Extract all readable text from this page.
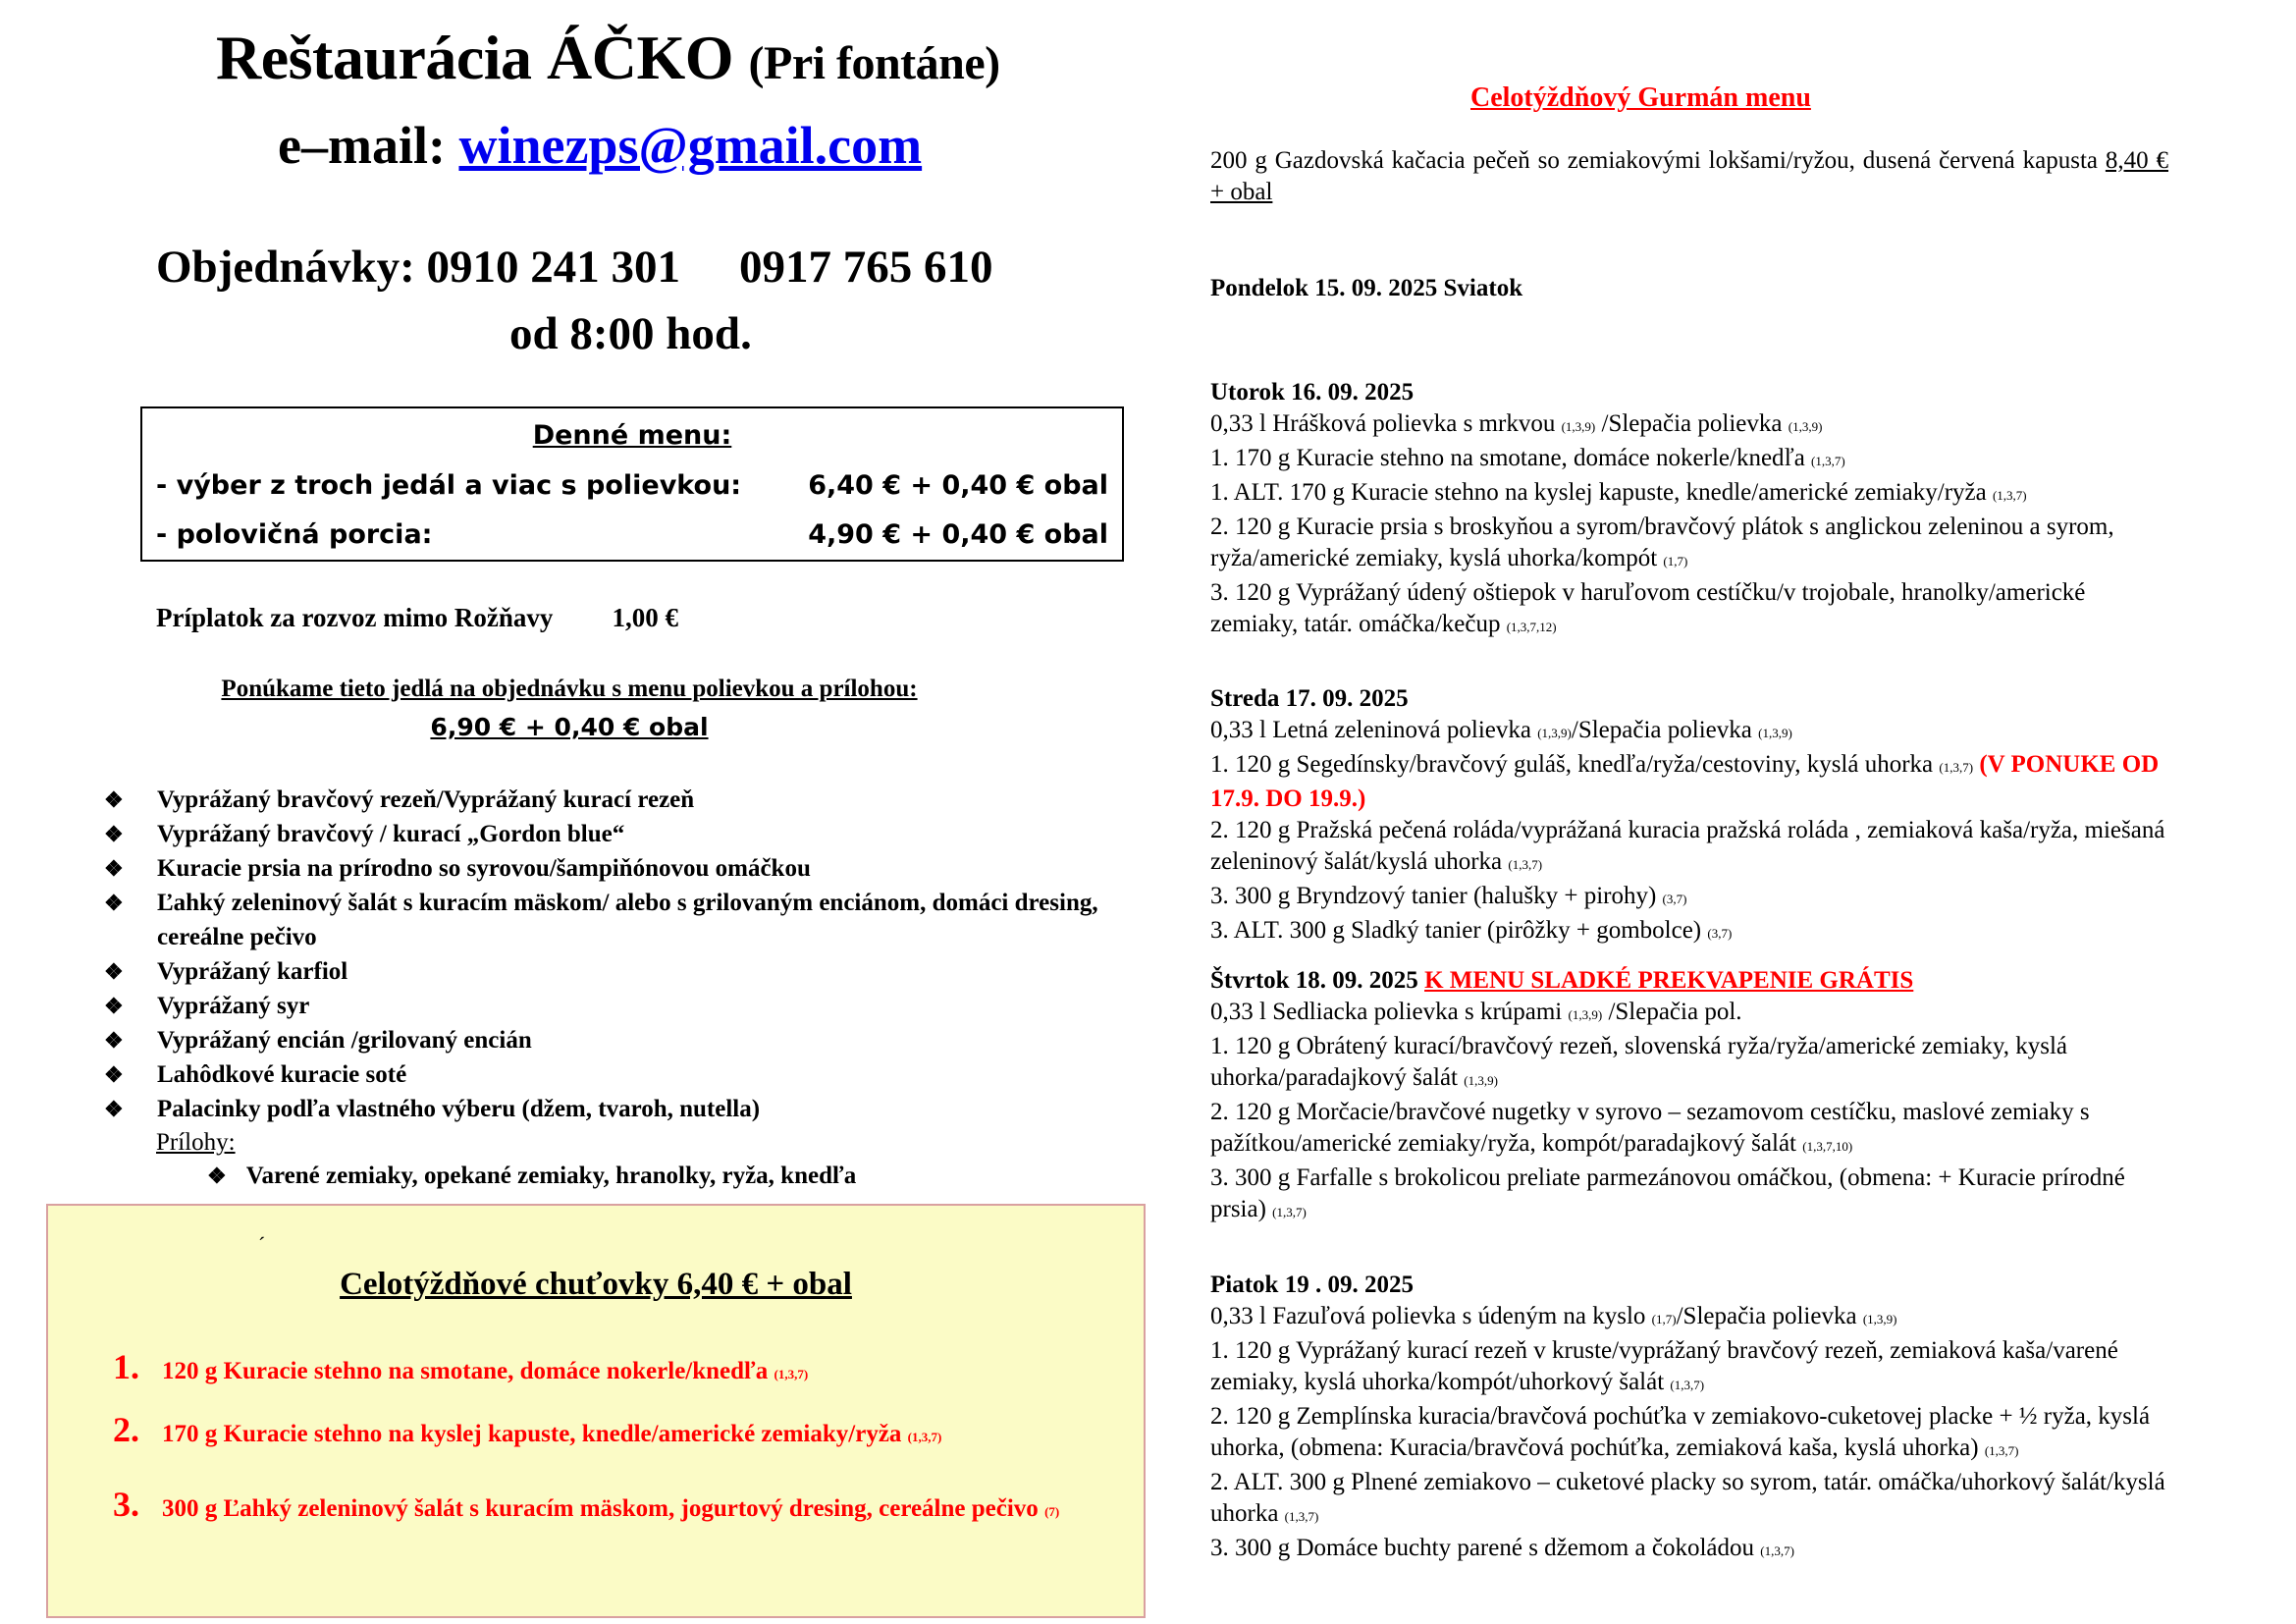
Reštaurácia ÁČKO (Pri fontáne)
e–mail: winezps@gmail.com
Objednávky: 0910 241 301 0917 765 610
od 8:00 hod.
Denné menu:
- výber z troch jedál a viac s polievkou:	6,40 € + 0,40 € obal
- polovičná porcia:	4,90 € + 0,40 € obal
Príplatok za rozvoz mimo Rožňavy 1,00 €
Ponúkame tieto jedlá na objednávku s menu polievkou a prílohou:
6,90 € + 0,40 € obal
❖ Vyprážaný bravčový rezeň/Vyprážaný kurací rezeň
❖ Vyprážaný bravčový / kurací „Gordon blue“
❖ Kuracie prsia na prírodno so syrovou/šampiňónovou omáčkou
❖ Ľahký zeleninový šalát s kuracím mäskom/ alebo s grilovaným enciánom, domáci dresing, cereálne pečivo
❖ Vyprážaný karfiol
❖ Vyprážaný syr
❖ Vyprážaný encián /grilovaný encián
❖ Lahôdkové kuracie soté
❖ Palacinky podľa vlastného výberu (džem, tvaroh, nutella)
Prílohy:
❖ Varené zemiaky, opekané zemiaky, hranolky, ryža, knedľa
´
Celotýždňové chuťovky 6,40 € + obal
1. 120 g Kuracie stehno na smotane, domáce nokerle/knedľa (1,3,7)
2. 170 g Kuracie stehno na kyslej kapuste, knedle/americké zemiaky/ryža (1,3,7)
3. 300 g Ľahký zeleninový šalát s kuracím mäskom, jogurtový dresing, cereálne pečivo (7)
Celotýždňový Gurmán menu
200 g Gazdovská kačacia pečeň so zemiakovými lokšami/ryžou, dusená červená kapusta 8,40 € + obal
Pondelok 15. 09. 2025 Sviatok
Utorok 16. 09. 2025
0,33 l Hrášková polievka s mrkvou (1,3,9) /Slepačia polievka (1,3,9)
1. 170 g Kuracie stehno na smotane, domáce nokerle/knedľa (1,3,7)
1. ALT. 170 g Kuracie stehno na kyslej kapuste, knedle/americké zemiaky/ryža (1,3,7)
2. 120 g Kuracie prsia s broskyňou a syrom/bravčový plátok s anglickou zeleninou a syrom, ryža/americké zemiaky, kyslá uhorka/kompót (1,7)
3. 120 g Vyprážaný údený oštiepok v haruľovom cestíčku/v trojobale, hranolky/americké zemiaky, tatár. omáčka/kečup (1,3,7,12)
Streda 17. 09. 2025
0,33 l Letná zeleninová polievka (1,3,9)/Slepačia polievka (1,3,9)
1. 120 g Segedínsky/bravčový guláš, knedľa/ryža/cestoviny, kyslá uhorka (1,3,7) (V PONUKE OD 17.9. DO 19.9.)
2. 120 g Pražská pečená roláda/vyprážaná kuracia pražská roláda , zemiaková kaša/ryža, miešaná zeleninový šalát/kyslá uhorka (1,3,7)
3. 300 g Bryndzový tanier (halušky + pirohy) (3,7)
3. ALT. 300 g Sladký tanier (pirôžky + gombolce) (3,7)
Štvrtok 18. 09. 2025 K MENU SLADKÉ PREKVAPENIE GRÁTIS
0,33 l Sedliacka polievka s krúpami (1,3,9) /Slepačia pol.
1. 120 g Obrátený kurací/bravčový rezeň, slovenská ryža/ryža/americké zemiaky, kyslá uhorka/paradajkový šalát (1,3,9)
2. 120 g Morčacie/bravčové nugetky v syrovo – sezamovom cestíčku, maslové zemiaky s pažítkou/americké zemiaky/ryža, kompót/paradajkový šalát (1,3,7,10)
3. 300 g Farfalle s brokolicou preliate parmezánovou omáčkou, (obmena: + Kuracie prírodné prsia) (1,3,7)
Piatok 19 . 09. 2025
0,33 l Fazuľová polievka s údeným na kyslo (1,7)/Slepačia polievka (1,3,9)
1. 120 g Vyprážaný kurací rezeň v kruste/vyprážaný bravčový rezeň, zemiaková kaša/varené zemiaky, kyslá uhorka/kompót/uhorkový šalát (1,3,7)
2. 120 g Zemplínska kuracia/bravčová pochúťka v zemiakovo-cuketovej placke + ½ ryža, kyslá uhorka, (obmena: Kuracia/bravčová pochúťka, zemiaková kaša, kyslá uhorka) (1,3,7)
2. ALT. 300 g Plnené zemiakovo – cuketové placky so syrom, tatár. omáčka/uhorkový šalát/kyslá uhorka (1,3,7)
3. 300 g Domáce buchty parené s džemom a čokoládou (1,3,7)
